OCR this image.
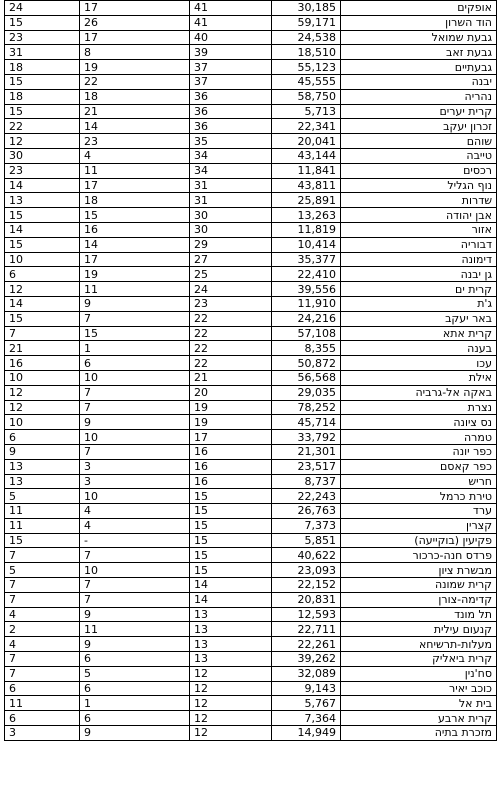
24	17	41	30,185	אופקים
15	26	41	59,171	הוד השרון
23	17	40	24,538	גבעת שמואל
31	8	39	18,510	גבעת זאב
18	19	37	55,123	גבעתיים
15	22	37	45,555	יבנה
18	18	36	58,750	נהריה
15	21	36	5,713	קרית יערים
22	14	36	22,341	זכרון יעקב
12	23	35	20,041	שוהם
30	4	34	43,144	טייבה
23	11	34	11,841	רכסים
14	17	31	43,811	נוף הגליל
13	18	31	25,891	שדרות
15	15	30	13,263	אבן יהודה
14	16	30	11,819	אזור
15	14	29	10,414	דבוריה
10	17	27	35,377	דימונה
6	19	25	22,410	גן יבנה
12	11	24	39,556	קרית ים
14	9	23	11,910	ג'ת
15	7	22	24,216	באר יעקב
7	15	22	57,108	קרית אתא
21	1	22	8,355	בענה
16	6	22	50,872	עכו
10	10	21	56,568	אילת
12	7	20	29,035	באקה אל-גרביה
12	7	19	78,252	נצרת
10	9	19	45,714	נס ציונה
6	10	17	33,792	טמרה
9	7	16	21,301	כפר יונה
13	3	16	23,517	כפר קאסם
13	3	16	8,737	חריש
5	10	15	22,243	טירת כרמל
11	4	15	26,763	ערד
11	4	15	7,373	קצרין
15	-	15	5,851	פקיעין (בוקייעה)
7	7	15	40,622	פרדס חנה-כרכור
5	10	15	23,093	מבשרת ציון
7	7	14	22,152	קרית שמונה
7	7	14	20,831	קדימה-צורן
4	9	13	12,593	תל מונד
2	11	13	22,711	קנעום עילית
4	9	13	22,261	מעלות-תרשיחא
7	6	13	39,262	קרית ביאליק
7	5	12	32,089	סח'נין
6	6	12	9,143	כוכב יאיר
11	1	12	5,767	בית אל
6	6	12	7,364	קרית ארבע
3	9	12	14,949	מזכרת בתיה
